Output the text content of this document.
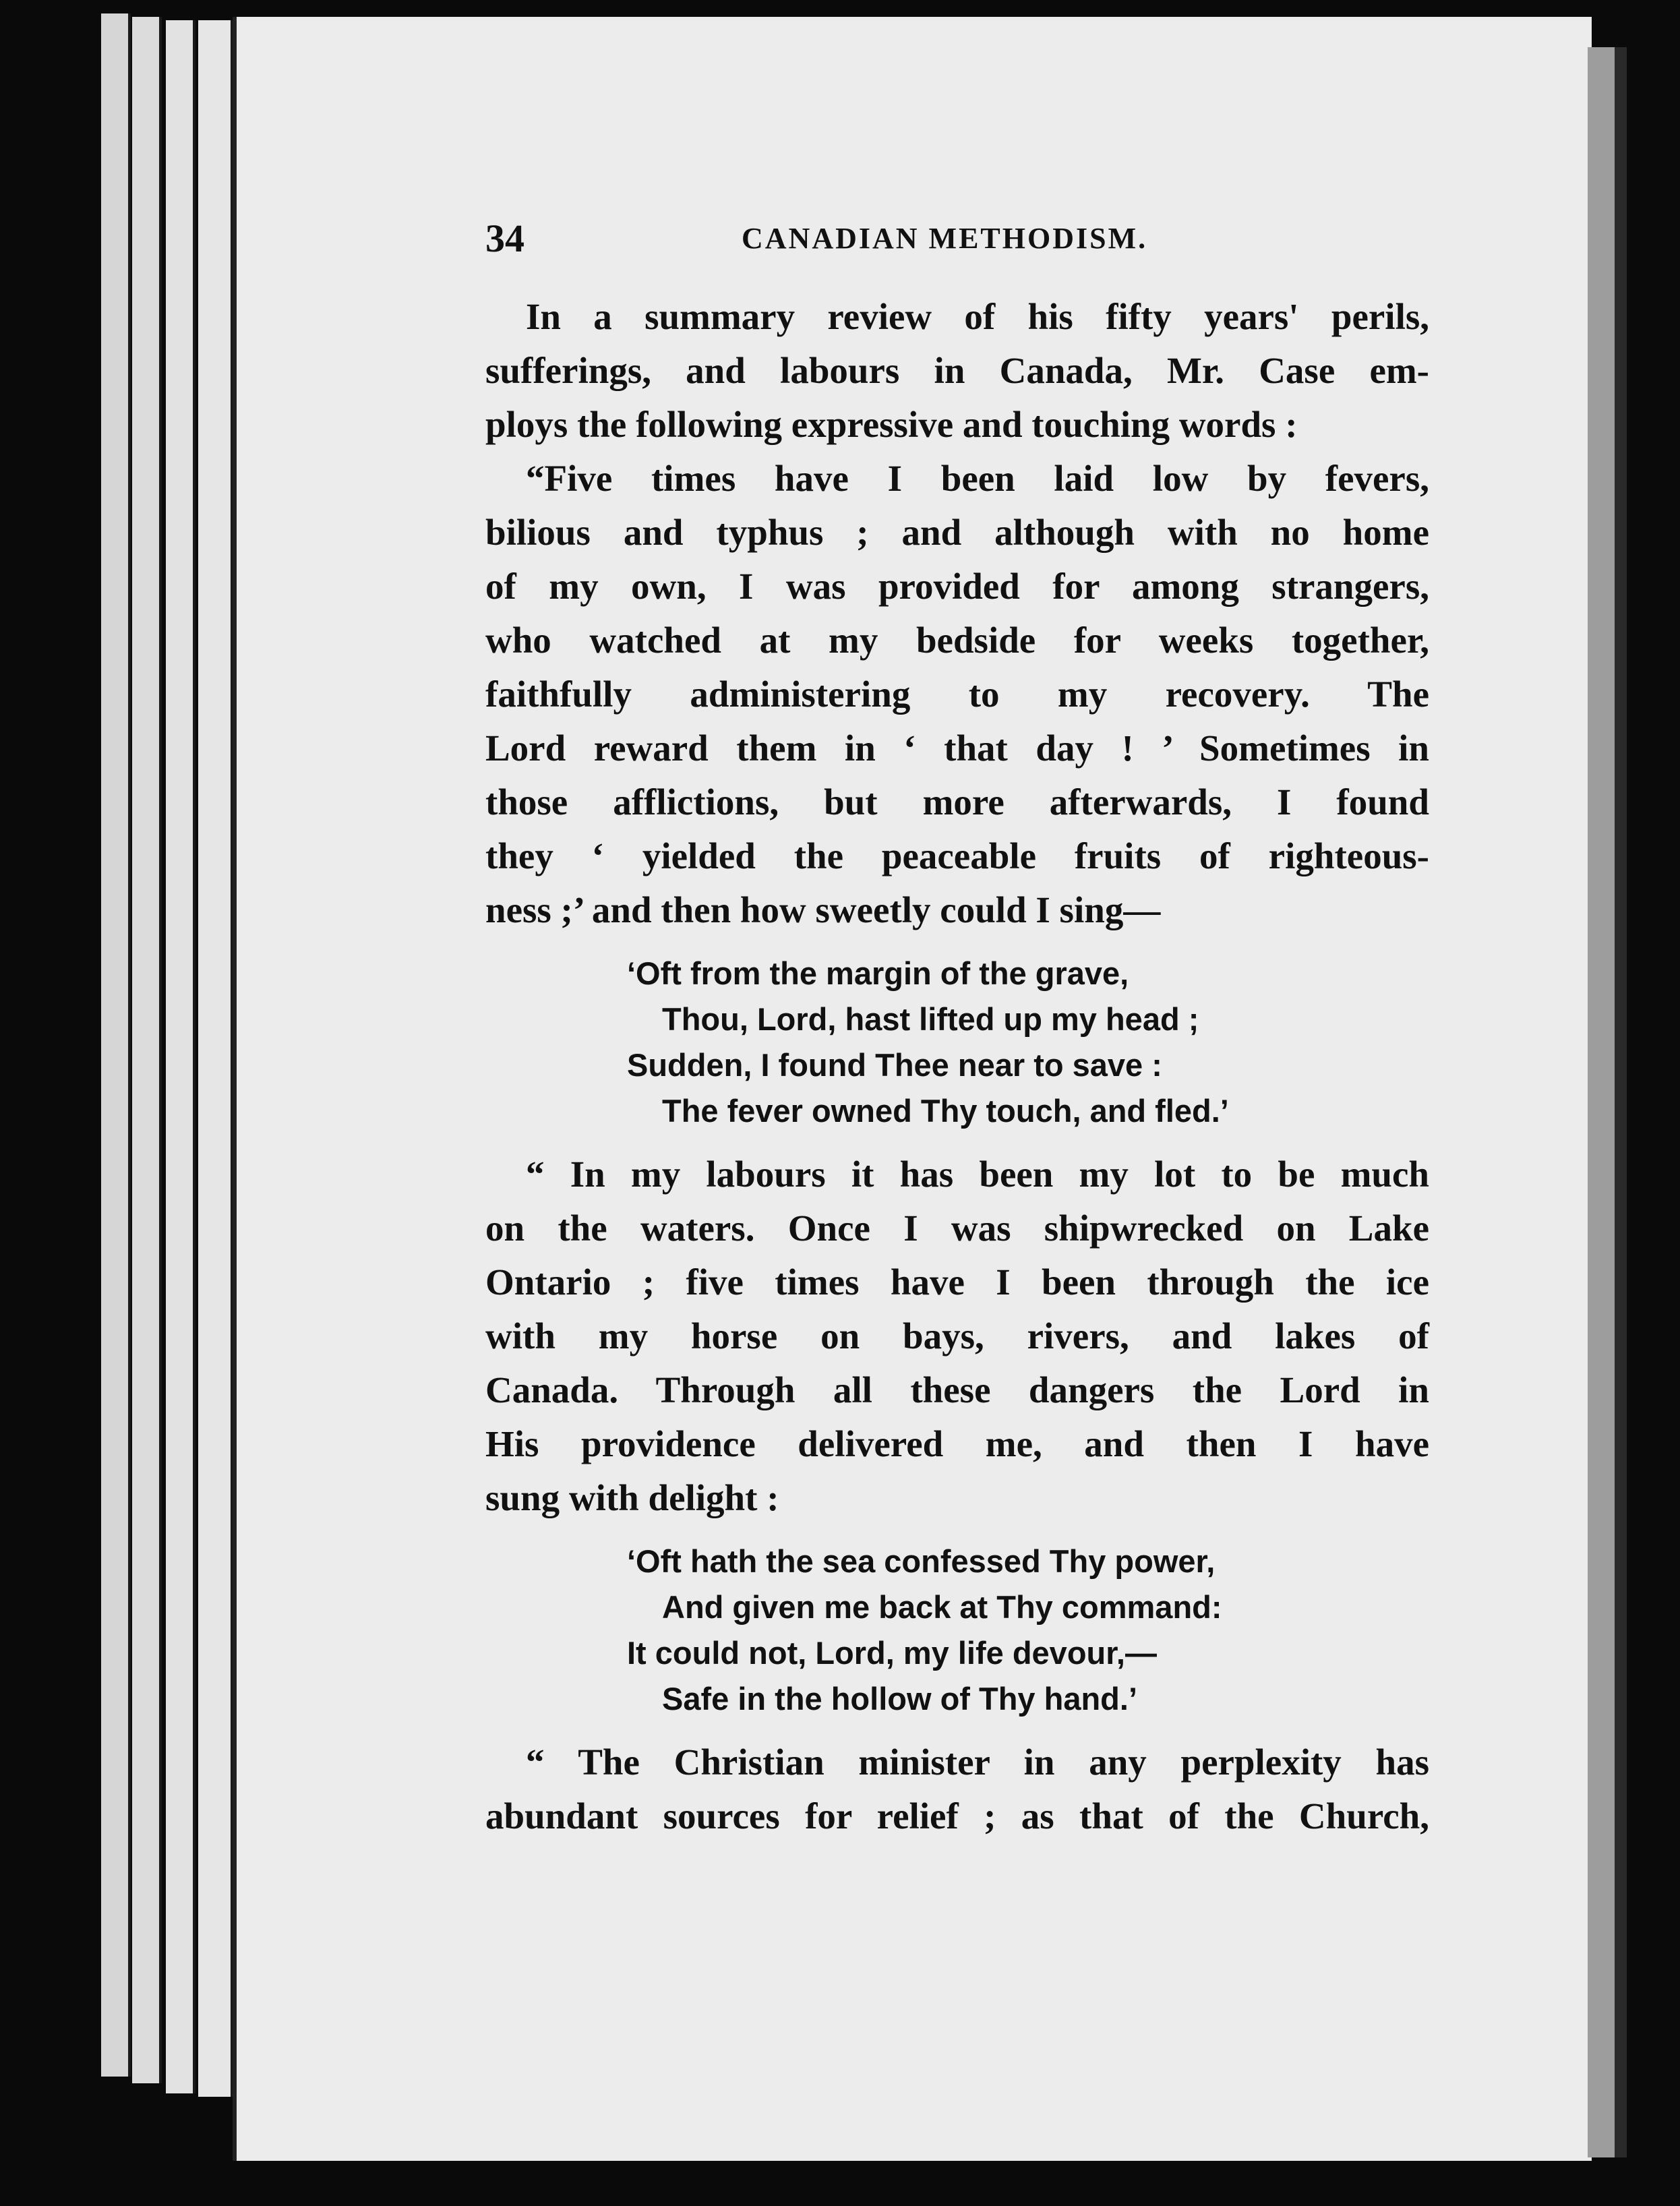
34	CANADIAN METHODISM.

In a summary review of his fifty years' perils,
sufferings, and labours in Canada, Mr. Case em-
ploys the following expressive and touching words :

“Five times have I been laid low by fevers,
bilious and typhus ; and although with no home
of my own, I was provided for among strangers,
who watched at my bedside for weeks together,
faithfully administering to my recovery. The
Lord reward them in ‘ that day ! ’ Sometimes in
those afflictions, but more afterwards, I found
they ‘ yielded the peaceable fruits of righteous-
ness ;’ and then how sweetly could I sing—

‘Oft from the margin of the grave,
Thou, Lord, hast lifted up my head ;
Sudden, I found Thee near to save :
The fever owned Thy touch, and fled.’

“ In my labours it has been my lot to be much
on the waters. Once I was shipwrecked on Lake
Ontario ; five times have I been through the ice
with my horse on bays, rivers, and lakes of
Canada. Through all these dangers the Lord in
His providence delivered me, and then I have
sung with delight :

‘Oft hath the sea confessed Thy power,
And given me back at Thy command:
It could not, Lord, my life devour,—
Safe in the hollow of Thy hand.’

“ The Christian minister in any perplexity has
abundant sources for relief ; as that of the Church,
